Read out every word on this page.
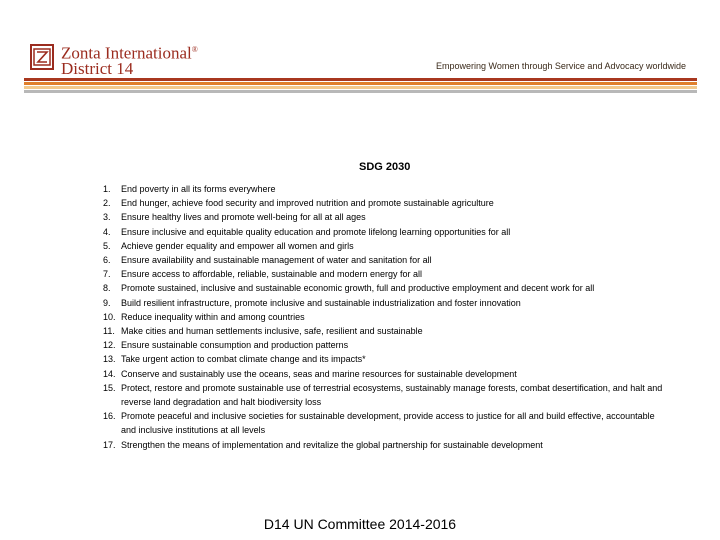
Zonta International®
District 14	Empowering Women through Service and Advocacy worldwide
SDG 2030
1.	End poverty in all its forms everywhere
2.	End hunger, achieve food security and improved nutrition and promote sustainable agriculture
3.	Ensure healthy lives and promote well-being for all at all ages
4.	Ensure inclusive and equitable quality education and promote lifelong learning opportunities for all
5.	Achieve gender equality and empower all women and girls
6.	Ensure availability and sustainable management of water and sanitation for all
7.	Ensure access to affordable, reliable, sustainable and modern energy for all
8.	Promote sustained, inclusive and sustainable economic growth, full and productive employment and decent work for all
9.	Build resilient infrastructure, promote inclusive and sustainable industrialization and foster innovation
10. Reduce inequality within and among countries
11. Make cities and human settlements inclusive, safe, resilient and sustainable
12. Ensure sustainable consumption and production patterns
13. Take urgent action to combat climate change and its impacts*
14. Conserve and sustainably use the oceans, seas and marine resources for sustainable development
15. Protect, restore and promote sustainable use of terrestrial ecosystems, sustainably manage forests, combat desertification, and halt and reverse land degradation and halt biodiversity loss
16. Promote peaceful and inclusive societies for sustainable development, provide access to justice for all and build effective, accountable and inclusive institutions at all levels
17. Strengthen the means of implementation and revitalize the global partnership for sustainable development
D14 UN Committee 2014-2016
